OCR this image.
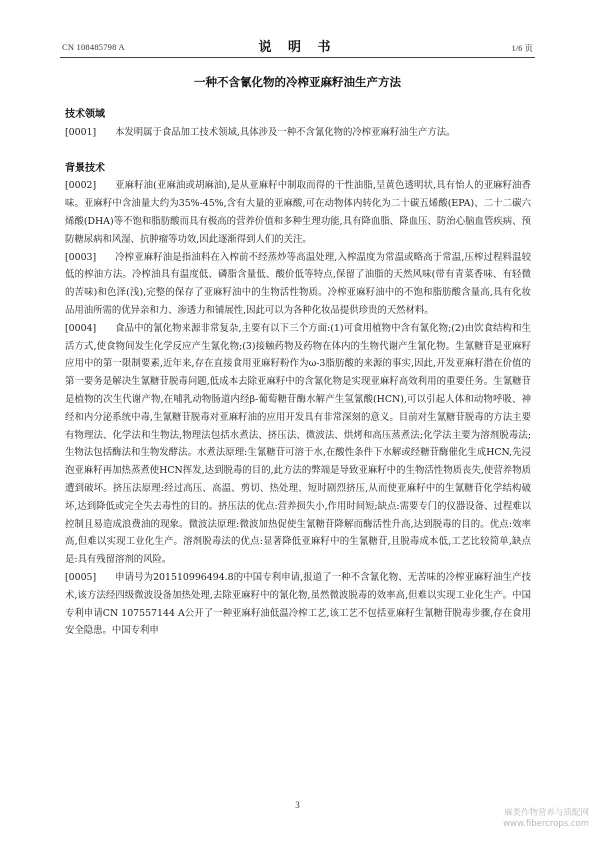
CN 108485798 A	说 明 书	1/6 页
一种不含氰化物的冷榨亚麻籽油生产方法

技术领域

[0001] 本发明属于食品加工技术领域,具体涉及一种不含氰化物的冷榨亚麻籽油生产方法。

背景技术

[0002] 亚麻籽油(亚麻油或胡麻油),是从亚麻籽中制取而得的干性油脂,呈黄色透明状,具有怡人的亚麻籽油香味。亚麻籽中含油量大约为35%-45%,含有大量的亚麻酸,可在动物体内转化为二十碳五烯酸(EPA)、二十二碳六烯酸(DHA)等不饱和脂肪酸而具有极高的营养价值和多种生理功能,具有降血脂、降血压、防治心脑血管疾病、预防糖尿病和风湿、抗肿瘤等功效,因此逐渐得到人们的关注。

[0003] 冷榨亚麻籽油是指油料在入榨前不经蒸炒等高温处理,入榨温度为常温或略高于常温,压榨过程料温较低的榨油方法。冷榨油具有温度低、磷脂含量低、酸价低等特点,保留了油脂的天然风味(带有青菜香味、有轻微的苦味)和色泽(浅),完整的保存了亚麻籽油中的生物活性物质。冷榨亚麻籽油中的不饱和脂肪酸含量高,具有化妆品用油所需的优异亲和力、渗透力和铺展性,因此可以为各种化妆品提供珍贵的天然材料。

[0004] 食品中的氰化物来源非常复杂,主要有以下三个方面:(1)可食用植物中含有氰化物;(2)由饮食结构和生活方式,使食物间发生化学反应产生氰化物;(3)接触药物及药物在体内的生物代谢产生氰化物。生氰糖苷是亚麻籽应用中的第一限制要素,近年来,存在直接食用亚麻籽粉作为ω-3脂肪酸的来源的事实,因此,开发亚麻籽潜在价值的第一要务是解决生氰糖苷脱毒问题,低成本去除亚麻籽中的含氰化物是实现亚麻籽高效利用的重要任务。生氰糖苷是植物的次生代谢产物,在哺乳动物肠道内经β-葡萄糖苷酶水解产生氢氰酸(HCN),可以引起人体和动物呼吸、神经和内分泌系统中毒,生氰糖苷脱毒对亚麻籽油的应用开发具有非常深刻的意义。目前对生氰糖苷脱毒的方法主要有物理法、化学法和生物法,物理法包括水煮法、挤压法、微波法、烘烤和高压蒸煮法;化学法主要为溶剂脱毒法;生物法包括酶法和生物发酵法。水煮法原理:生氰糖苷可溶于水,在酸性条件下水解或经糖苷酶催化生成HCN,先浸泡亚麻籽再加热蒸煮使HCN挥发,达到脱毒的目的,此方法的弊端是导致亚麻籽中的生物活性物质丧失,使营养物质遭到破坏。挤压法原理:经过高压、高温、剪切、热处理、短时剧烈挤压,从而使亚麻籽中的生氰糖苷化学结构破坏,达到降低或完全失去毒性的目的。挤压法的优点:营养损失小,作用时间短;缺点:需要专门的仪器设备、过程难以控制且易造成浪费油的现象。微波法原理:微波加热促使生氰糖苷降解而酶活性升高,达到脱毒的目的。优点:效率高,但难以实现工业化生产。溶剂脱毒法的优点:显著降低亚麻籽中的生氰糖苷,且脱毒成本低,工艺比较简单,缺点是:具有残留溶剂的风险。

[0005] 申请号为201510996494.8的中国专利申请,报道了一种不含氰化物、无苦味的冷榨亚麻籽油生产技术,该方法经四级微波设备加热处理,去除亚麻籽中的氰化物,虽然微波脱毒的效率高,但难以实现工业化生产。中国专利申请CN 107557144 A公开了一种亚麻籽油低温冷榨工艺,该工艺不包括亚麻籽生氰糖苷脱毒步骤,存在食用安全隐患。中国专利申

3
麻类作物营养与质配网
www.fibercrops.com
